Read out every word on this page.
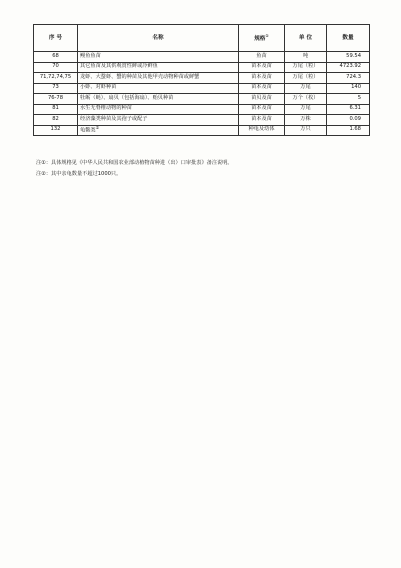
序 号	名称	规格①	单 位	数量
68	鳗鱼鱼苗	鱼苗	吨	59.54
70	其它鱼苗及其供观赏性鲜或冷鲜鱼	苗本及苗	万尾（粒）	4723.92
71,72,74,75	龙虾、大螯虾、蟹的种苗及其他甲壳动物种苗或鲜蟹	苗本及苗	万尾（粒）	724.3
73	小虾、对虾种苗	苗本及苗	万尾	140
76-78	牡蛎（蚝）、扇贝（包括海扇）、贻贝种苗	苗贝及苗	万个（枚）	5
81	水生无脊椎动物的种苗	苗本及苗	万尾	6.31
82	经济藻类种苗及其孢子或配子	苗本及苗	万株	0.09
132	龟鳖类②	种龟及幼体	万只	1.68
注①：具体规格见《中华人民共和国农业部动植物苗种进（出）口审批表》备注说明。
注②：其中亲龟数量不超过1000只。
